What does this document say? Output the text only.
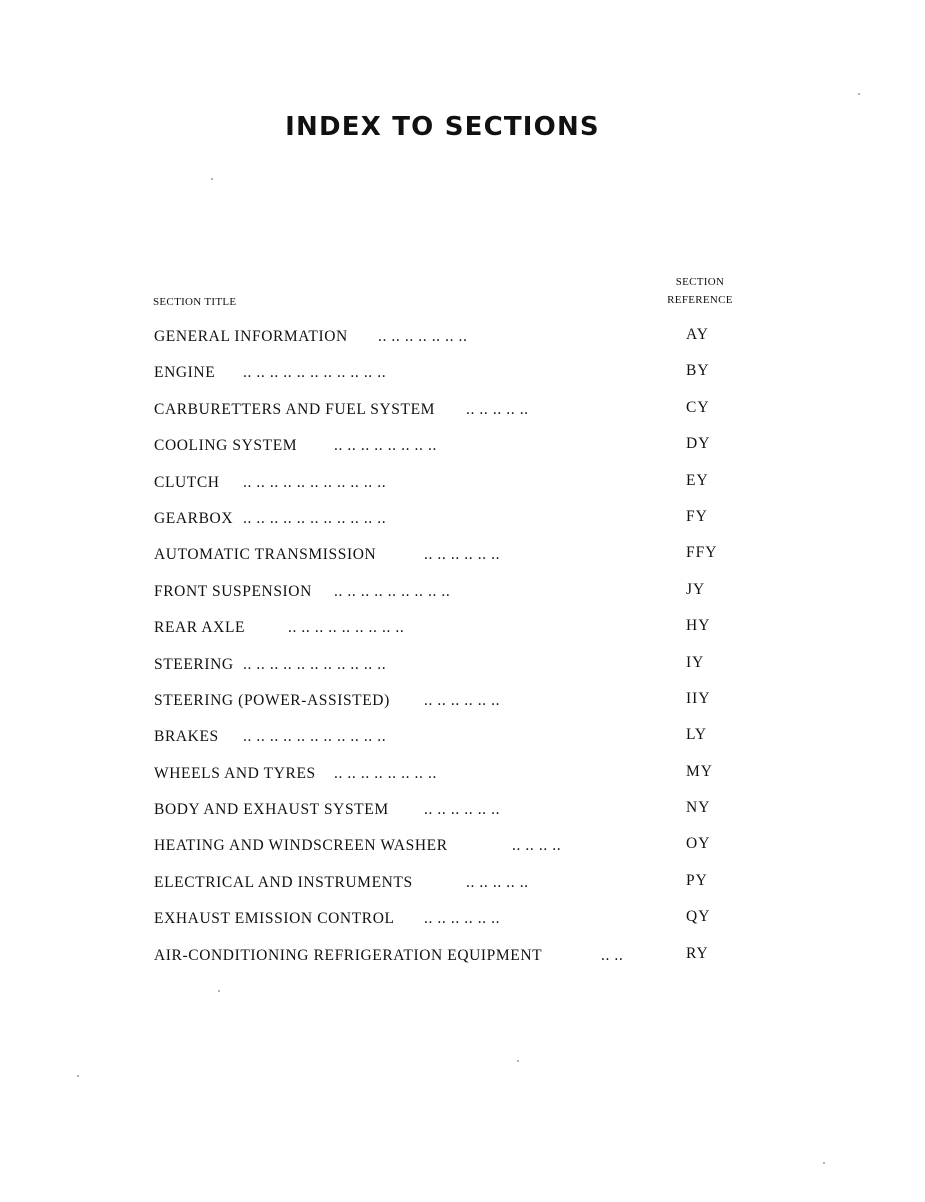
INDEX TO SECTIONS
SECTION TITLE
SECTION
REFERENCE
GENERAL INFORMATION .. .. .. .. .. .. ..	AY
ENGINE .. .. .. .. .. .. .. .. .. .. ..	BY
CARBURETTERS AND FUEL SYSTEM .. .. .. .. ..	CY
COOLING SYSTEM .. .. .. .. .. .. .. ..	DY
CLUTCH .. .. .. .. .. .. .. .. .. .. ..	EY
GEARBOX .. .. .. .. .. .. .. .. .. .. ..	FY
AUTOMATIC TRANSMISSION	.. .. .. .. .. ..	FFY
FRONT SUSPENSION .. .. .. .. .. .. .. .. ..	JY
REAR AXLE	.. .. .. .. .. .. .. .. ..	HY
STEERING .. .. .. .. .. .. .. .. .. .. ..	IY
STEERING (POWER-ASSISTED) .. .. .. .. .. ..	IIY
BRAKES .. .. .. .. .. .. .. .. .. .. ..	LY
WHEELS AND TYRES .. .. .. .. .. .. .. ..	MY
BODY AND EXHAUST SYSTEM .. .. .. .. .. ..	NY
HEATING AND WINDSCREEN WASHER	.. .. .. ..	OY
ELECTRICAL AND INSTRUMENTS	.. .. .. .. ..	PY
EXHAUST EMISSION CONTROL .. .. .. .. .. ..	QY
AIR-CONDITIONING REFRIGERATION EQUIPMENT	.. ..	RY
